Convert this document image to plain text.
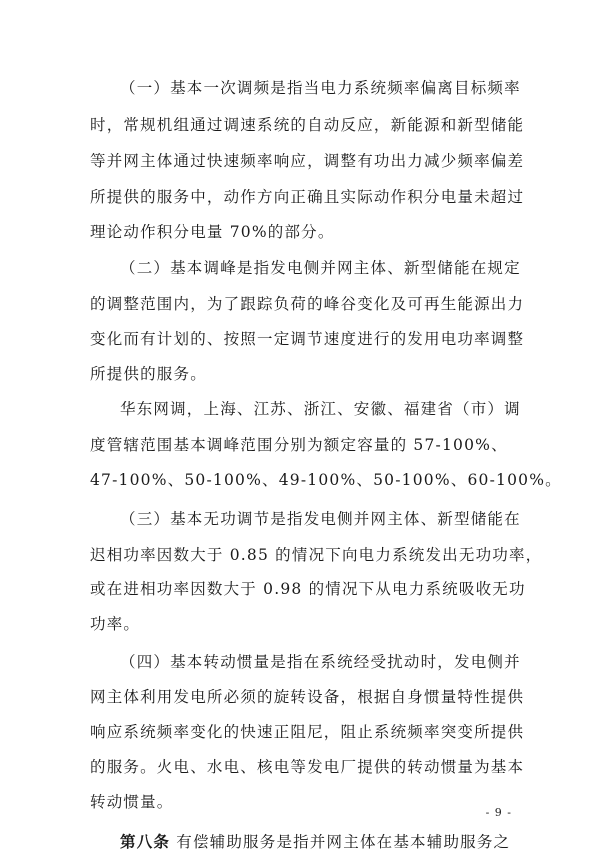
（一）基本一次调频是指当电力系统频率偏离目标频率
时，常规机组通过调速系统的自动反应，新能源和新型储能
等并网主体通过快速频率响应，调整有功出力减少频率偏差
所提供的服务中，动作方向正确且实际动作积分电量未超过
理论动作积分电量 70%的部分。
（二）基本调峰是指发电侧并网主体、新型储能在规定
的调整范围内，为了跟踪负荷的峰谷变化及可再生能源出力
变化而有计划的、按照一定调节速度进行的发用电功率调整
所提供的服务。
华东网调，上海、江苏、浙江、安徽、福建省（市）调
度管辖范围基本调峰范围分别为额定容量的 57-100%、
47-100%、50-100%、49-100%、50-100%、60-100%。
（三）基本无功调节是指发电侧并网主体、新型储能在
迟相功率因数大于 0.85 的情况下向电力系统发出无功功率，
或在进相功率因数大于 0.98 的情况下从电力系统吸收无功
功率。
（四）基本转动惯量是指在系统经受扰动时，发电侧并
网主体利用发电所必须的旋转设备，根据自身惯量特性提供
响应系统频率变化的快速正阻尼，阻止系统频率突变所提供
的服务。火电、水电、核电等发电厂提供的转动惯量为基本
转动惯量。
第八条 有偿辅助服务是指并网主体在基本辅助服务之
- 9 -
